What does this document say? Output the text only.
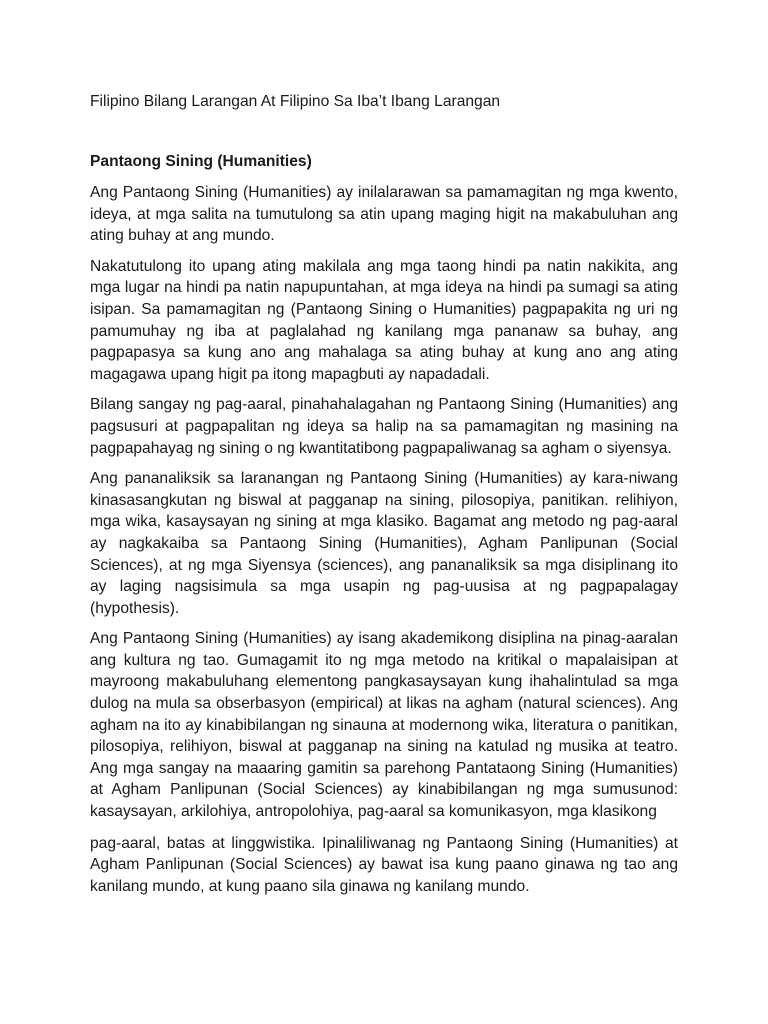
Filipino Bilang Larangan At Filipino Sa Iba’t Ibang Larangan
Pantaong Sining (Humanities)

Ang Pantaong Sining (Humanities) ay inilalarawan sa pamamagitan ng mga kwento, ideya, at mga salita na tumutulong sa atin upang maging higit na makabuluhan ang ating buhay at ang mundo.

Nakatutulong ito upang ating makilala ang mga taong hindi pa natin nakikita, ang mga lugar na hindi pa natin napupuntahan, at mga ideya na hindi pa sumagi sa ating isipan. Sa pamamagitan ng (Pantaong Sining o Humanities) pagpapakita ng uri ng pamumuhay ng iba at paglalahad ng kanilang mga pananaw sa buhay, ang pagpapasya sa kung ano ang mahalaga sa ating buhay at kung ano ang ating magagawa upang higit pa itong mapagbuti ay napadadali.

Bilang sangay ng pag-aaral, pinahahalagahan ng Pantaong Sining (Humanities) ang pagsusuri at pagpapalitan ng ideya sa halip na sa pamamagitan ng masining na pagpapahayag ng sining o ng kwantitatibong pagpapaliwanag sa agham o siyensya.

Ang pananaliksik sa laranangan ng Pantaong Sining (Humanities) ay kara-niwang kinasasangkutan ng biswal at pagganap na sining, pilosopiya, panitikan. relihiyon, mga wika, kasaysayan ng sining at mga klasiko. Bagamat ang metodo ng pag-aaral ay nagkakaiba sa Pantaong Sining (Humanities), Agham Panlipunan (Social Sciences), at ng mga Siyensya (sciences), ang pananaliksik sa mga disiplinang ito ay laging nagsisimula sa mga usapin ng pag-uusisa at ng pagpapalagay (hypothesis).

Ang Pantaong Sining (Humanities) ay isang akademikong disiplina na pinag-aaralan ang kultura ng tao. Gumagamit ito ng mga metodo na kritikal o mapalaisipan at mayroong makabuluhang elementong pangkasaysayan kung ihahalintulad sa mga dulog na mula sa obserbasyon (empirical) at likas na agham (natural sciences). Ang agham na ito ay kinabibilangan ng sinauna at modernong wika, literatura o panitikan, pilosopiya, relihiyon, biswal at pagganap na sining na katulad ng musika at teatro. Ang mga sangay na maaaring gamitin sa parehong Pantataong Sining (Humanities) at Agham Panlipunan (Social Sciences) ay kinabibilangan ng mga sumusunod: kasaysayan, arkilohiya, antropolohiya, pag-aaral sa komunikasyon, mga klasikong

pag-aaral, batas at linggwistika. Ipinaliliwanag ng Pantaong Sining (Humanities) at Agham Panlipunan (Social Sciences) ay bawat isa kung paano ginawa ng tao ang kanilang mundo, at kung paano sila ginawa ng kanilang mundo.
